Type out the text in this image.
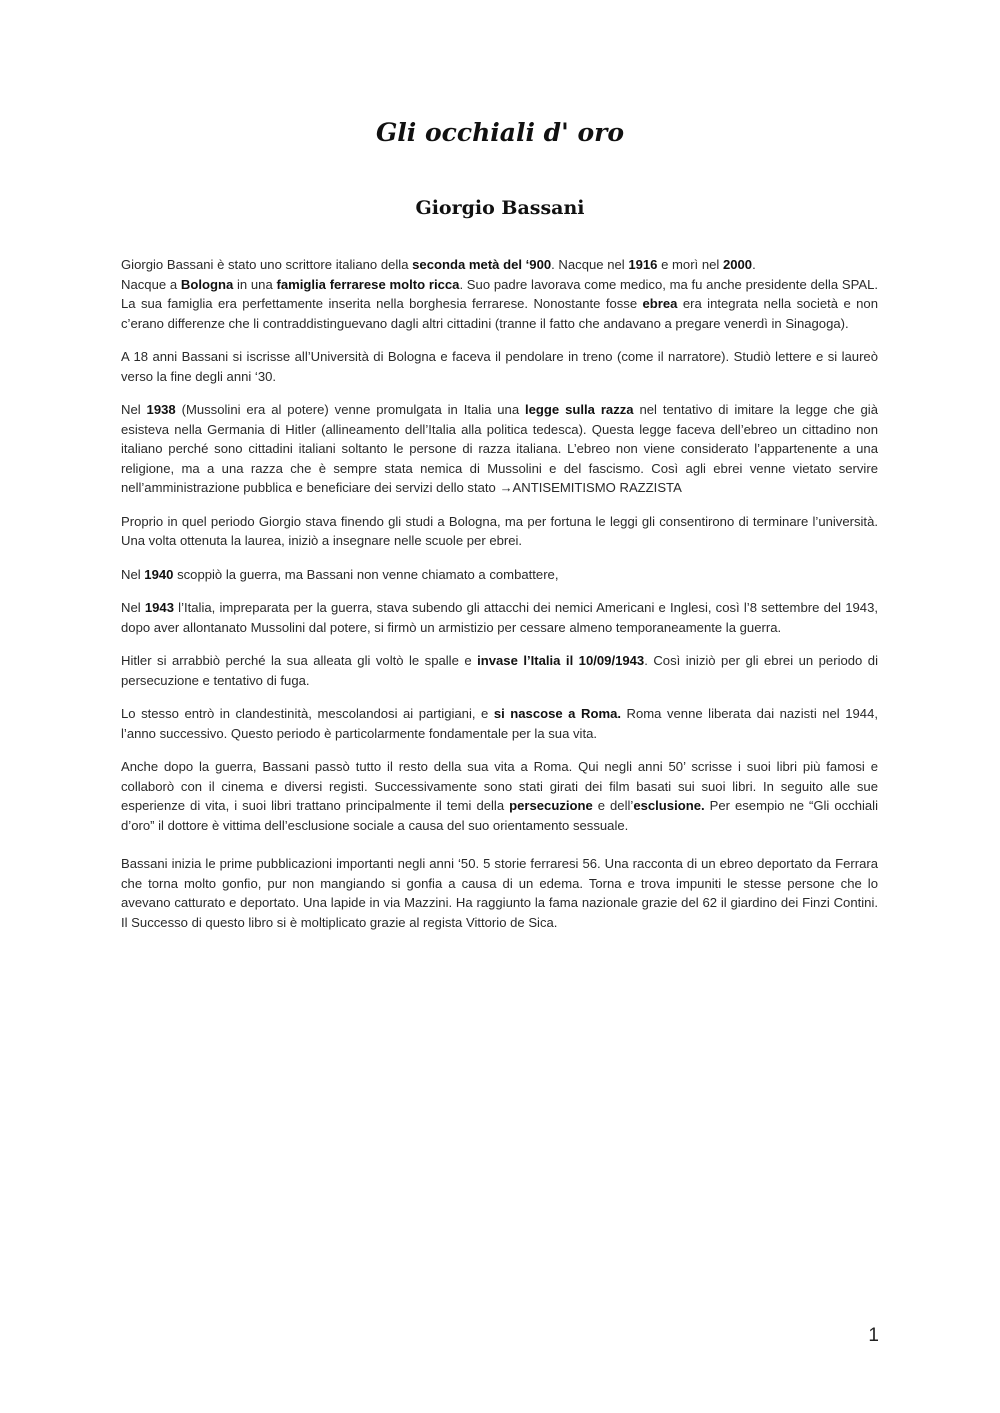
Gli occhiali d' oro
Giorgio Bassani

Giorgio Bassani è stato uno scrittore italiano della seconda metà del ‘900. Nacque nel 1916 e morì nel 2000.
Nacque a Bologna in una famiglia ferrarese molto ricca. Suo padre lavorava come medico, ma fu anche presidente della SPAL. La sua famiglia era perfettamente inserita nella borghesia ferrarese. Nonostante fosse ebrea era integrata nella società e non c’erano differenze che li contraddistinguevano dagli altri cittadini (tranne il fatto che andavano a pregare venerdì in Sinagoga).

A 18 anni Bassani si iscrisse all’Università di Bologna e faceva il pendolare in treno (come il narratore). Studiò lettere e si laureò verso la fine degli anni ‘30.

Nel 1938 (Mussolini era al potere) venne promulgata in Italia una legge sulla razza nel tentativo di imitare la legge che già esisteva nella Germania di Hitler (allineamento dell’Italia alla politica tedesca). Questa legge faceva dell’ebreo un cittadino non italiano perché sono cittadini italiani soltanto le persone di razza italiana. L’ebreo non viene considerato l’appartenente a una religione, ma a una razza che è sempre stata nemica di Mussolini e del fascismo. Così agli ebrei venne vietato servire nell’amministrazione pubblica e beneficiare dei servizi dello stato →ANTISEMITISMO RAZZISTA

Proprio in quel periodo Giorgio stava finendo gli studi a Bologna, ma per fortuna le leggi gli consentirono di terminare l’università. Una volta ottenuta la laurea, iniziò a insegnare nelle scuole per ebrei.

Nel 1940 scoppiò la guerra, ma Bassani non venne chiamato a combattere,

Nel 1943 l’Italia, impreparata per la guerra, stava subendo gli attacchi dei nemici Americani e Inglesi, così l’8 settembre del 1943, dopo aver allontanato Mussolini dal potere, si firmò un armistizio per cessare almeno temporaneamente la guerra.

Hitler si arrabbiò perché la sua alleata gli voltò le spalle e invase l’Italia il 10/09/1943. Così iniziò per gli ebrei un periodo di persecuzione e tentativo di fuga.

Lo stesso entrò in clandestinità, mescolandosi ai partigiani, e si nascose a Roma. Roma venne liberata dai nazisti nel 1944, l’anno successivo. Questo periodo è particolarmente fondamentale per la sua vita.

Anche dopo la guerra, Bassani passò tutto il resto della sua vita a Roma. Qui negli anni 50’ scrisse i suoi libri più famosi e collaborò con il cinema e diversi registi. Successivamente sono stati girati dei film basati sui suoi libri. In seguito alle sue esperienze di vita, i suoi libri trattano principalmente il temi della persecuzione e dell’esclusione. Per esempio ne “Gli occhiali d’oro” il dottore è vittima dell’esclusione sociale a causa del suo orientamento sessuale.

Bassani inizia le prime pubblicazioni importanti negli anni ‘50. 5 storie ferraresi 56. Una racconta di un ebreo deportato da Ferrara che torna molto gonfio, pur non mangiando si gonfia a causa di un edema. Torna e trova impuniti le stesse persone che lo avevano catturato e deportato. Una lapide in via Mazzini. Ha raggiunto la fama nazionale grazie del 62 il giardino dei Finzi Contini. Il Successo di questo libro si è moltiplicato grazie al regista Vittorio de Sica.

1
